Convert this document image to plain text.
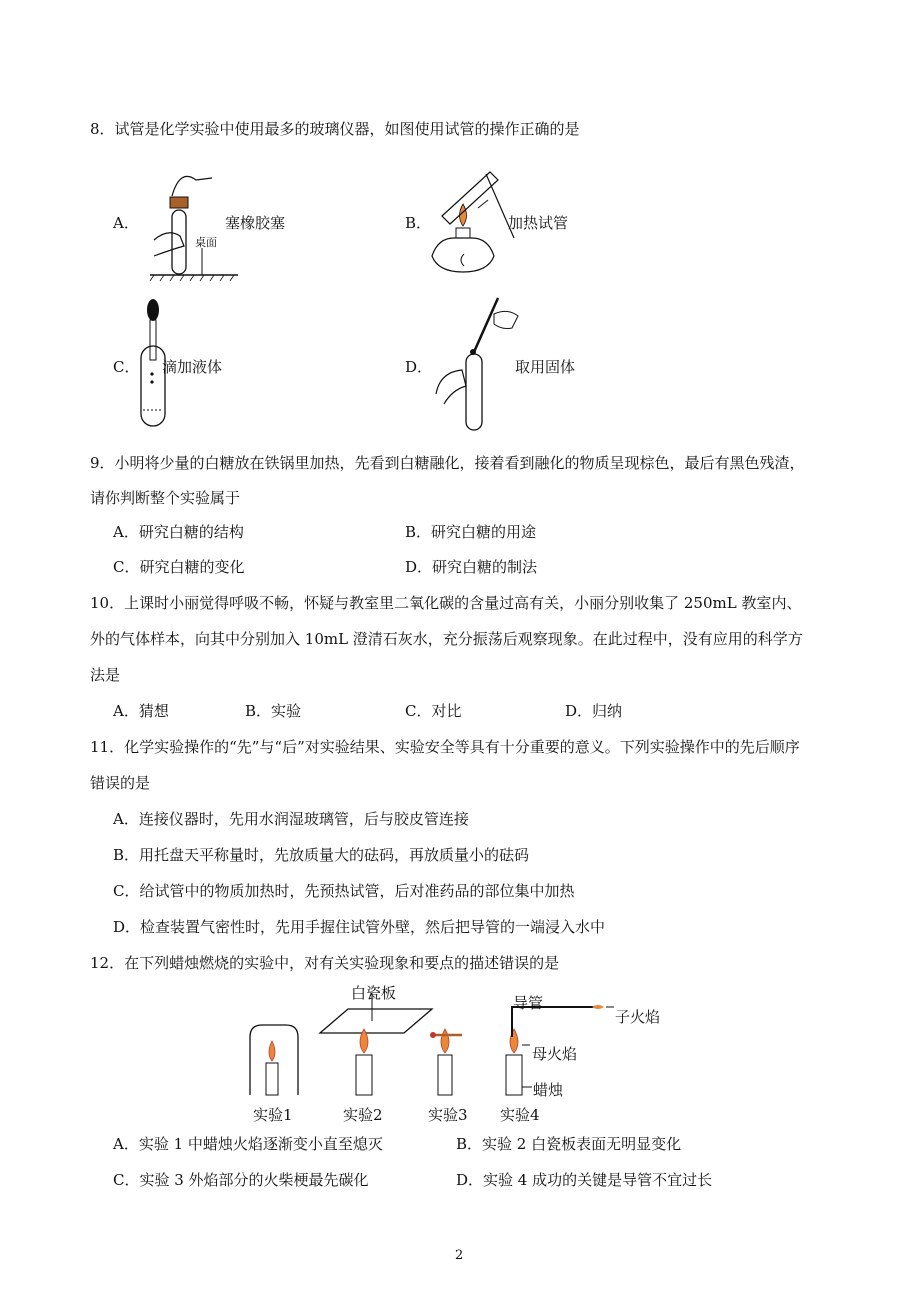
8．试管是化学实验中使用最多的玻璃仪器，如图使用试管的操作正确的是
A．	塞橡胶塞
桌面
B．	加热试管
C． 滴加液体	D．	取用固体
9．小明将少量的白糖放在铁锅里加热，先看到白糖融化，接着看到融化的物质呈现棕色，最后有黑色残渣，
请你判断整个实验属于
A．研究白糖的结构	B．研究白糖的用途
C．研究白糖的变化	D．研究白糖的制法
10．上课时小丽觉得呼吸不畅，怀疑与教室里二氧化碳的含量过高有关，小丽分别收集了 250mL 教室内、
外的气体样本，向其中分别加入 10mL 澄清石灰水，充分振荡后观察现象。在此过程中，没有应用的科学方
法是
A．猜想	B．实验	C．对比	D．归纳
11．化学实验操作的“先”与“后”对实验结果、实验安全等具有十分重要的意义。下列实验操作中的先后顺序
错误的是
A．连接仪器时，先用水润湿玻璃管，后与胶皮管连接
B．用托盘天平称量时，先放质量大的砝码，再放质量小的砝码
C．给试管中的物质加热时，先预热试管，后对准药品的部位集中加热
D．检查装置气密性时，先用手握住试管外壁，然后把导管的一端浸入水中
12．在下列蜡烛燃烧的实验中，对有关实验现象和要点的描述错误的是
白瓷板
导管
子火焰
母火焰
蜡烛
实验1	实验2	实验3 实验4
A．实验 1 中蜡烛火焰逐渐变小直至熄灭	B．实验 2 白瓷板表面无明显变化
C．实验 3 外焰部分的火柴梗最先碳化	D．实验 4 成功的关键是导管不宜过长
2
